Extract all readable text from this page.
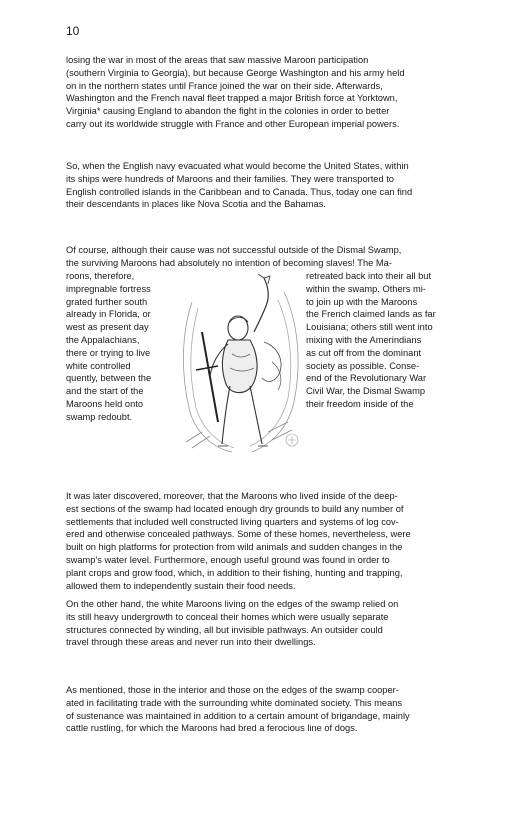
10
losing the war in most of the areas that saw massive Maroon participation
(southern Virginia to Georgia), but because George Washington and his army held
on in the northern states until France joined the war on their side. Afterwards,
Washington and the French naval fleet trapped a major British force at Yorktown,
Virginia* causing England to abandon the fight in the colonies in order to better
carry out its worldwide struggle with France and other European imperial powers.
So, when the English navy evacuated what would become the United States, within
its ships were hundreds of Maroons and their families. They were transported to
English controlled islands in the Caribbean and to Canada. Thus, today one can find
their descendants in places like Nova Scotia and the Bahamas.
Of course, although their cause was not successful outside of the Dismal Swamp,
the surviving Maroons had absolutely no intention of becoming slaves! The Ma-
roons, therefore,
impregnable fortress
grated further south
already in Florida, or
west as present day
the Appalachians,
there or trying to live
white controlled
quently, between the
and the start of the
Maroons held onto
swamp redoubt.
retreated back into their all but
within the swamp. Others mi-
to join up with the Maroons
the French claimed lands as far
Louisiana; others still went into
mixing with the Amerindians
as cut off from the dominant
society as possible. Conse-
end of the Revolutionary War
Civil War, the Dismal Swamp
their freedom inside of the
It was later discovered, moreover, that the Maroons who lived inside of the deep-
est sections of the swamp had located enough dry grounds to build any number of
settlements that included well constructed living quarters and systems of log cov-
ered and otherwise concealed pathways. Some of these homes, nevertheless, were
built on high platforms for protection from wild animals and sudden changes in the
swamp's water level. Furthermore, enough useful ground was found in order to
plant crops and grow food, which, in addition to their fishing, hunting and trapping,
allowed them to independently sustain their food needs.
On the other hand, the white Maroons living on the edges of the swamp relied on
its still heavy undergrowth to conceal their homes which were usually separate
structures connected by winding, all but invisible pathways. An outsider could
travel through these areas and never run into their dwellings.
As mentioned, those in the interior and those on the edges of the swamp cooper-
ated in facilitating trade with the surrounding white dominated society. This means
of sustenance was maintained in addition to a certain amount of brigandage, mainly
cattle rustling, for which the Maroons had bred a ferocious line of dogs.
